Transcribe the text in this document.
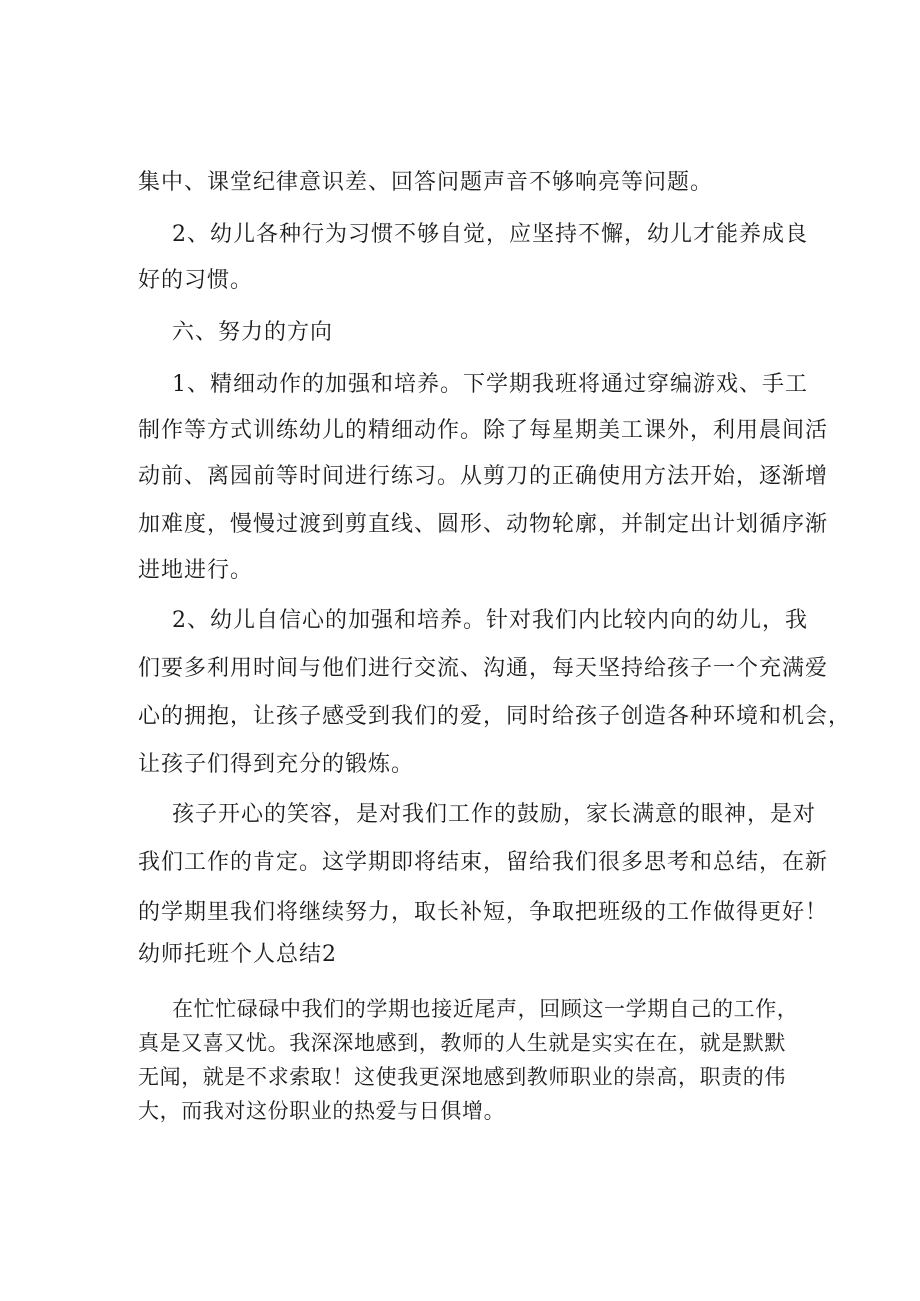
集中、课堂纪律意识差、回答问题声音不够响亮等问题。
2、幼儿各种行为习惯不够自觉，应坚持不懈，幼儿才能养成良
好的习惯。
六、努力的方向
1、精细动作的加强和培养。下学期我班将通过穿编游戏、手工
制作等方式训练幼儿的精细动作。除了每星期美工课外，利用晨间活
动前、离园前等时间进行练习。从剪刀的正确使用方法开始，逐渐增
加难度，慢慢过渡到剪直线、圆形、动物轮廓，并制定出计划循序渐
进地进行。
2、幼儿自信心的加强和培养。针对我们内比较内向的幼儿，我
们要多利用时间与他们进行交流、沟通，每天坚持给孩子一个充满爱
心的拥抱，让孩子感受到我们的爱，同时给孩子创造各种环境和机会，
让孩子们得到充分的锻炼。
孩子开心的笑容，是对我们工作的鼓励，家长满意的眼神，是对
我们工作的肯定。这学期即将结束，留给我们很多思考和总结，在新
的学期里我们将继续努力，取长补短，争取把班级的工作做得更好！
幼师托班个人总结2
在忙忙碌碌中我们的学期也接近尾声，回顾这一学期自己的工作，
真是又喜又忧。我深深地感到，教师的人生就是实实在在，就是默默
无闻，就是不求索取！这使我更深地感到教师职业的崇高，职责的伟
大，而我对这份职业的热爱与日俱增。
